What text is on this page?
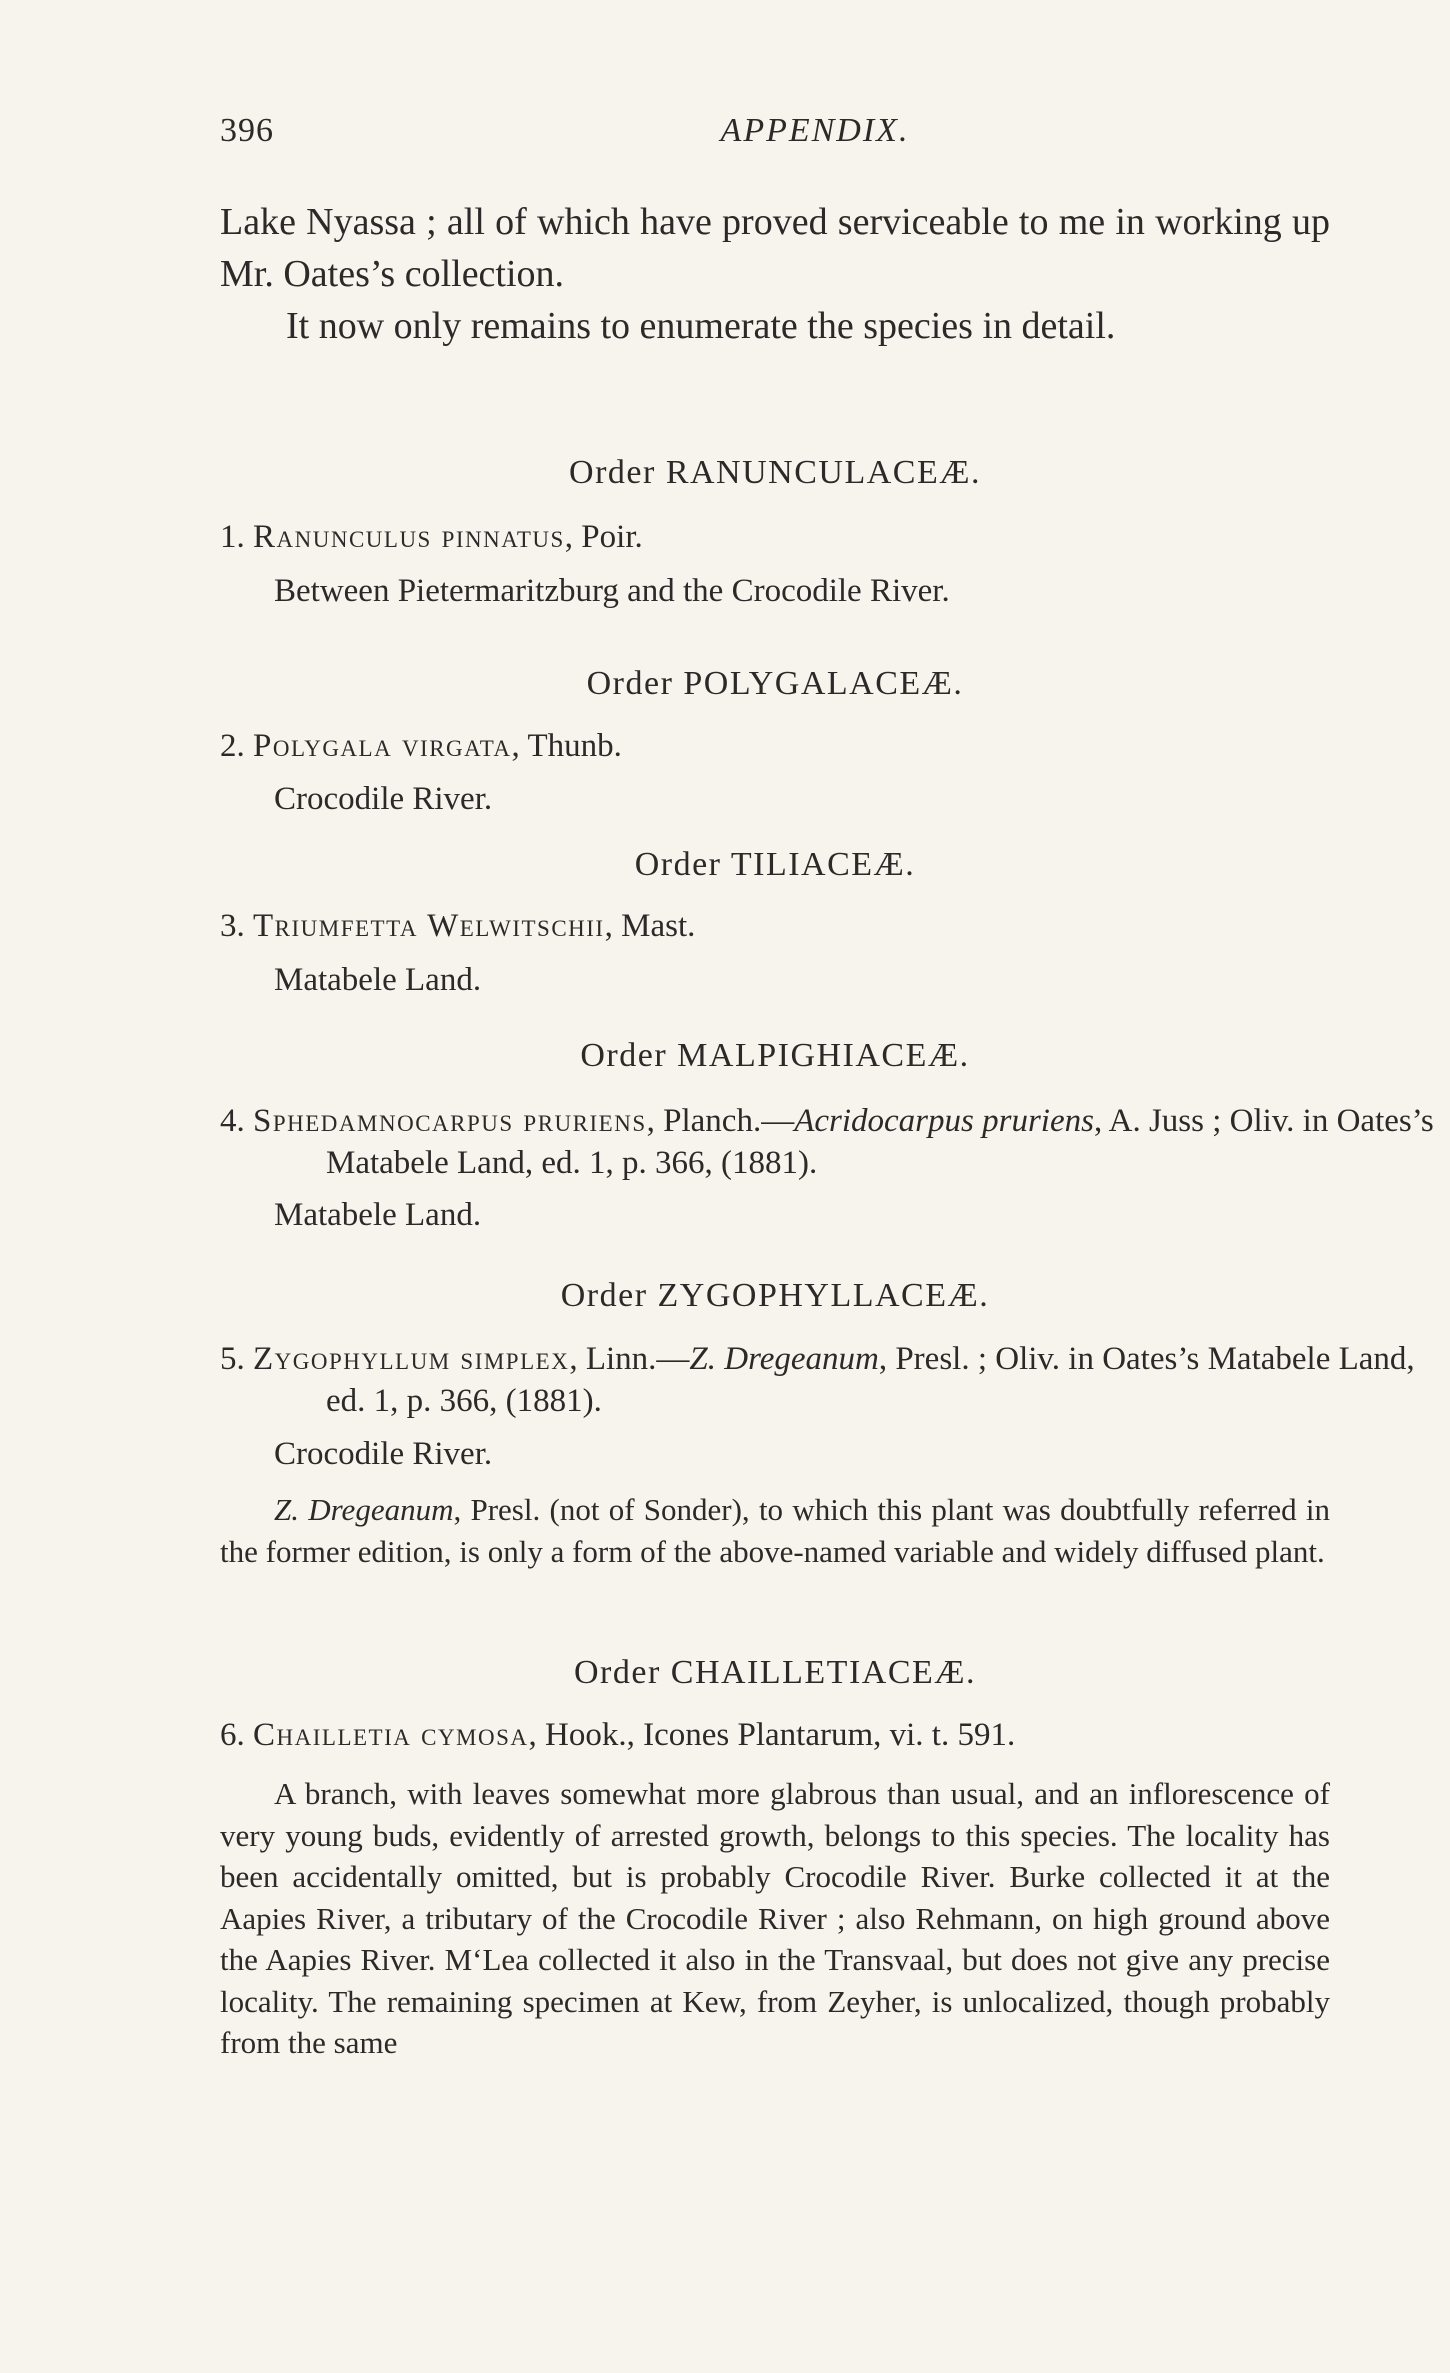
396	APPENDIX.

Lake Nyassa ; all of which have proved serviceable to me in working up Mr. Oates’s collection.

It now only remains to enumerate the species in detail.

Order RANUNCULACEÆ.
1. Ranunculus pinnatus, Poir.
Between Pietermaritzburg and the Crocodile River.
Order POLYGALACEÆ.
2. Polygala virgata, Thunb.
Crocodile River.
Order TILIACEÆ.
3. Triumfetta Welwitschii, Mast.
Matabele Land.
Order MALPIGHIACEÆ.
4. Sphedamnocarpus pruriens, Planch.—Acridocarpus pruriens, A. Juss ; Oliv. in Oates’s Matabele Land, ed. 1, p. 366, (1881).
Matabele Land.
Order ZYGOPHYLLACEÆ.
5. Zygophyllum simplex, Linn.—Z. Dregeanum, Presl. ; Oliv. in Oates’s Matabele Land, ed. 1, p. 366, (1881).
Crocodile River.
Z. Dregeanum, Presl. (not of Sonder), to which this plant was doubtfully referred in the former edition, is only a form of the above-named variable and widely diffused plant.
Order CHAILLETIACEÆ.
6. Chailletia cymosa, Hook., Icones Plantarum, vi. t. 591.
A branch, with leaves somewhat more glabrous than usual, and an inflorescence of very young buds, evidently of arrested growth, belongs to this species. The locality has been accidentally omitted, but is probably Crocodile River. Burke collected it at the Aapies River, a tributary of the Crocodile River ; also Rehmann, on high ground above the Aapies River. M‘Lea collected it also in the Transvaal, but does not give any precise locality. The remaining specimen at Kew, from Zeyher, is unlocalized, though probably from the same
